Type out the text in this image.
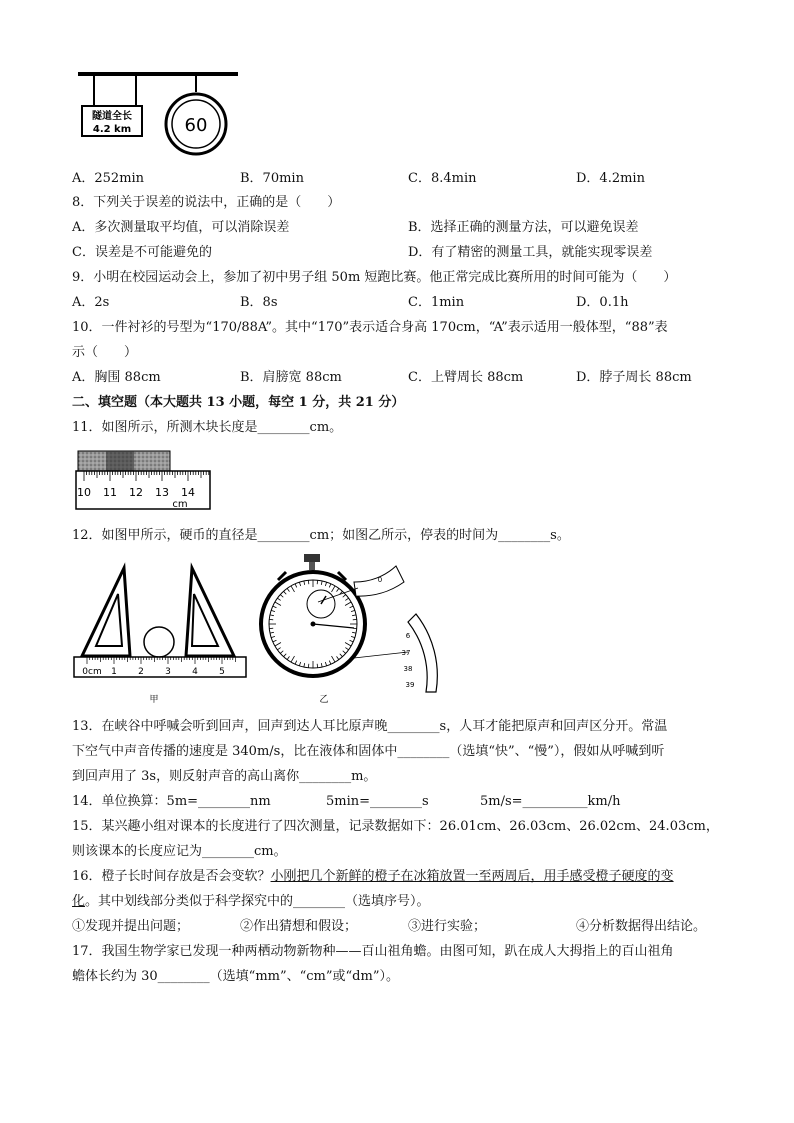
隧道全长
4.2 km	60
A．252min	B．70min	C．8.4min	D．4.2min
8．下列关于误差的说法中，正确的是（　　）
A．多次测量取平均值，可以消除误差	B．选择正确的测量方法，可以避免误差
C．误差是不可能避免的	D．有了精密的测量工具，就能实现零误差
9．小明在校园运动会上，参加了初中男子组 50m 短跑比赛。他正常完成比赛所用的时间可能为（　　）
A．2s	B．8s	C．1min	D．0.1h
10．一件衬衫的号型为“170/88A”。其中“170”表示适合身高 170cm，“A”表示适用一般体型，“88”表
示（　　）
A．胸围 88cm	B．肩膀宽 88cm	C．上臂周长 88cm	D．脖子周长 88cm
二、填空题（本大题共 13 小题，每空 1 分，共 21 分）
11．如图所示，所测木块长度是________cm。
10 11 12 13 14
cm
12．如图甲所示，硬币的直径是________cm；如图乙所示，停表的时间为________s。
0cm 1 2 3 4 5
甲
0
6
37
38
39
乙
13．在峡谷中呼喊会听到回声，回声到达人耳比原声晚________s，人耳才能把原声和回声区分开。常温
下空气中声音传播的速度是 340m/s，比在液体和固体中________（选填“快”、“慢”），假如从呼喊到听
到回声用了 3s，则反射声音的高山离你________m。
14．单位换算：5m=________nm	5min=________s	5m/s=__________km/h
15．某兴趣小组对课本的长度进行了四次测量，记录数据如下：26.01cm、26.03cm、26.02cm、24.03cm，
则该课本的长度应记为________cm。
16．橙子长时间存放是否会变软？小刚把几个新鲜的橙子在冰箱放置一至两周后，用手感受橙子硬度的变
化。其中划线部分类似于科学探究中的________（选填序号）。
①发现并提出问题；	②作出猜想和假设；	③进行实验；	④分析数据得出结论。
17．我国生物学家已发现一种两栖动物新物种——百山祖角蟾。由图可知，趴在成人大拇指上的百山祖角
蟾体长约为 30________（选填“mm”、“cm”或“dm”）。
